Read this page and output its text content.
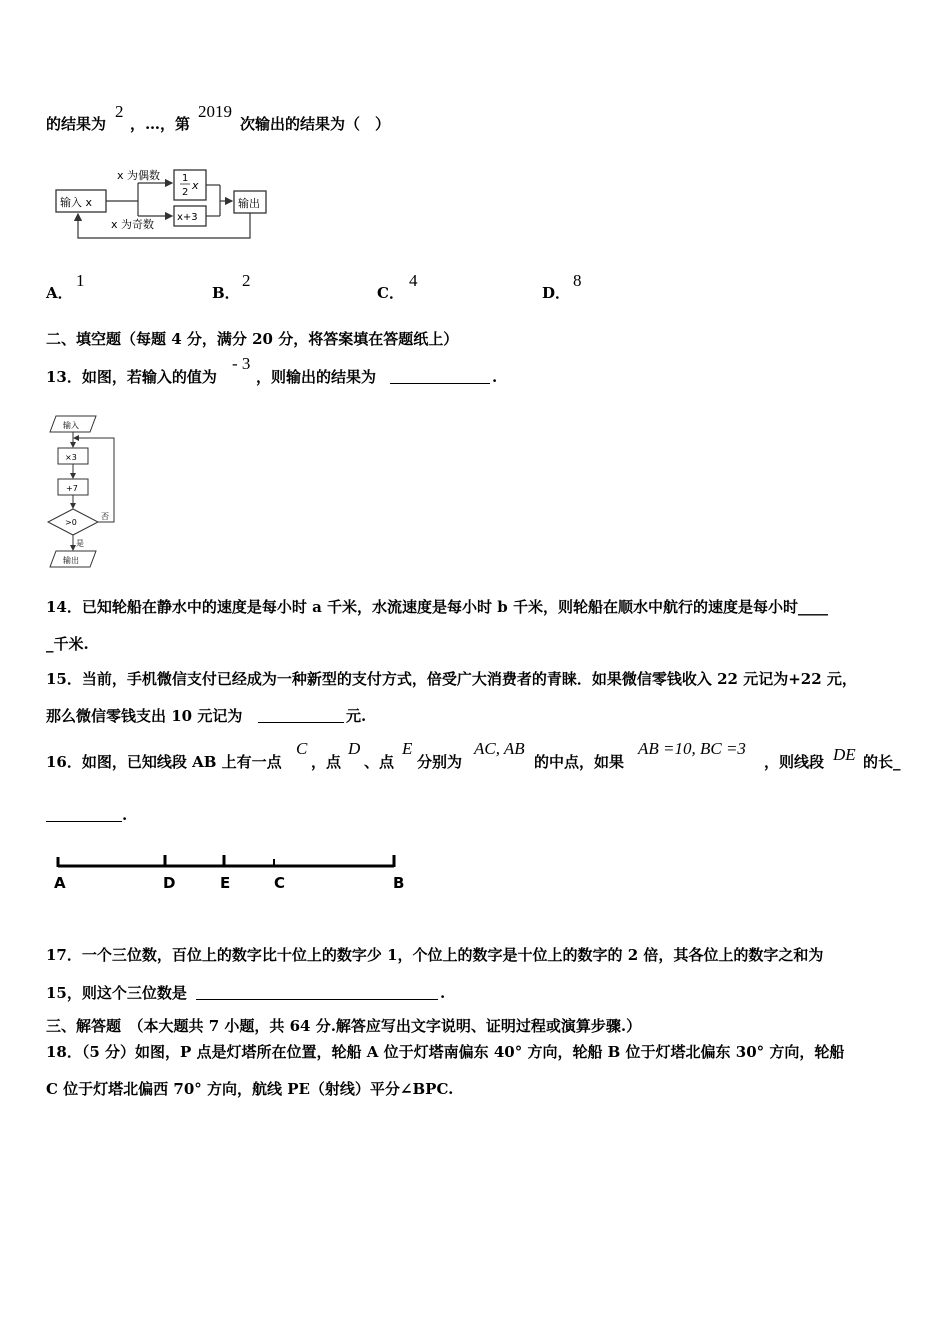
的结果为
2
，…，第
2019
次输出的结果为（　）
输入 x
x 为偶数
x 为奇数
1
2
x
x+3
输出
A．
1
B．
2
C．
4
D．
8
二、填空题（每题 4 分，满分 20 分，将答案填在答题纸上）
13．如图，若输入的值为
- 3
，则输出的结果为	.
输入
×3
+7
>0
否
是
输出
14．已知轮船在静水中的速度是每小时 a 千米，水流速度是每小时 b 千米，则轮船在顺水中航行的速度是每小时____
_千米.
15．当前，手机微信支付已经成为一种新型的支付方式，倍受广大消费者的青睐．如果微信零钱收入 22 元记为+22 元，
那么微信零钱支出 10 元记为	元.
16．如图，已知线段 AB 上有一点
C
，点
D
、点
E
分别为
AC, AB
的中点，如果
AB =10, BC =3
，则线段 DE 的长_
.
A	D	E	C	B
17．一个三位数，百位上的数字比十位上的数字少 1，个位上的数字是十位上的数字的 2 倍，其各位上的数字之和为
15，则这个三位数是	.
三、解答题　（本大题共 7 小题，共 64 分.解答应写出文字说明、证明过程或演算步骤.）
18．（5 分）如图，P 点是灯塔所在位置，轮船 A 位于灯塔南偏东 40° 方向，轮船 B 位于灯塔北偏东 30° 方向，轮船
C 位于灯塔北偏西 70° 方向，航线 PE（射线）平分∠BPC.
